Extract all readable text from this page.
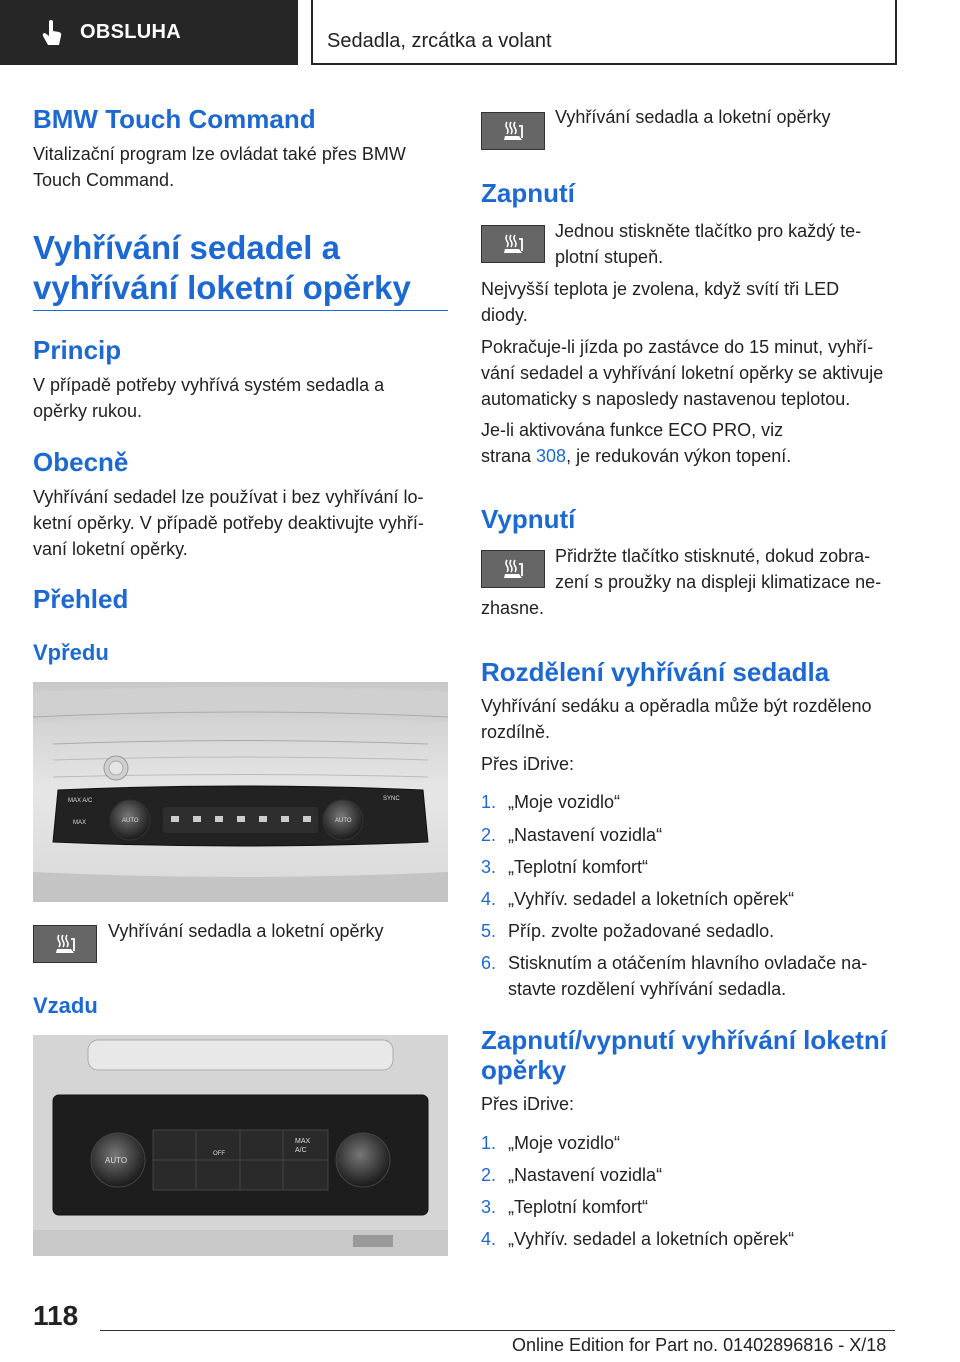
OBSLUHA	Sedadla, zrcátka a volant
BMW Touch Command
Vitalizační program lze ovládat také přes BMW
Touch Command.
Vyhřívání sedadel a
vyhřívání loketní opěrky
Princip
V případě potřeby vyhřívá systém sedadla a
opěrky rukou.
Obecně
Vyhřívání sedadel lze používat i bez vyhřívání lo-
ketní opěrky. V případě potřeby deaktivujte vyhří-
vaní loketní opěrky.
Přehled
Vpředu
MAX A/C
MAX	AUTO	AUTO
SYNC
Vyhřívání sedadla a loketní opěrky
Vzadu
AUTO
MAX
A/C
OFF
Vyhřívání sedadla a loketní opěrky
Zapnutí
Jednou stiskněte tlačítko pro každý te-
plotní stupeň.
Nejvyšší teplota je zvolena, když svítí tři LED
diody.
Pokračuje-li jízda po zastávce do 15 minut, vyhří-
vání sedadel a vyhřívání loketní opěrky se aktivuje
automaticky s naposledy nastavenou teplotou.
Je-li aktivována funkce ECO PRO, viz
strana 308, je redukován výkon topení.
Vypnutí
Přidržte tlačítko stisknuté, dokud zobra-
zení s proužky na displeji klimatizace ne-
zhasne.
Rozdělení vyhřívání sedadla
Vyhřívání sedáku a opěradla může být rozděleno
rozdílně.
Přes iDrive:
1. „Moje vozidlo“
2. „Nastavení vozidla“
3. „Teplotní komfort“
4. „Vyhřív. sedadel a loketních opěrek“
5. Příp. zvolte požadované sedadlo.
6. Stisknutím a otáčením hlavního ovladače na-
stavte rozdělení vyhřívání sedadla.
Zapnutí/vypnutí vyhřívání loketní
opěrky
Přes iDrive:
1. „Moje vozidlo“
2. „Nastavení vozidla“
3. „Teplotní komfort“
4. „Vyhřív. sedadel a loketních opěrek“
118
Online Edition for Part no. 01402896816 - X/18
